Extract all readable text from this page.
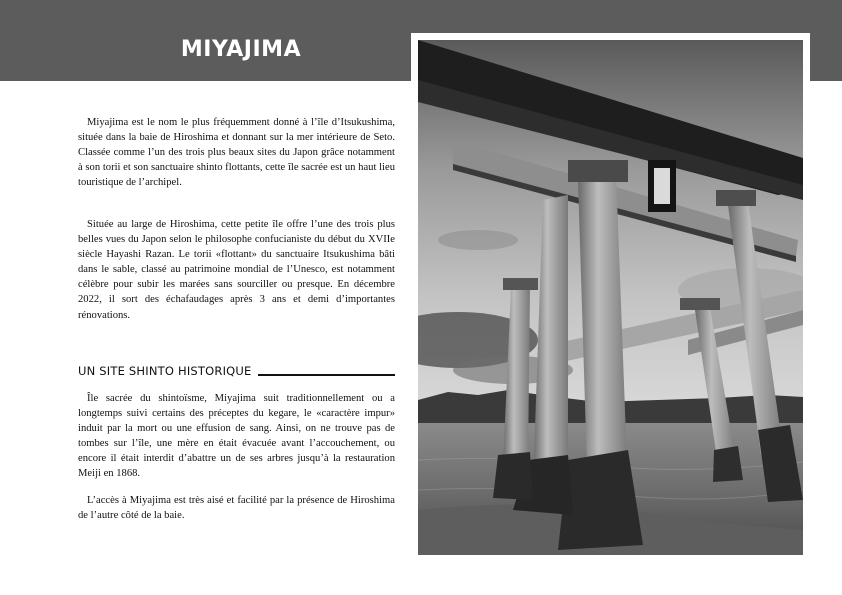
MIYAJIMA

Miyajima est le nom le plus fréquemment donné à l’île d’Itsukushima, située dans la baie de Hiroshima et donnant sur la mer intérieure de Seto. Classée comme l’un des trois plus beaux sites du Japon grâce notamment à son torii et son sanctuaire shinto flottants, cette île sacrée est un haut lieu touristique de l’archipel.

Située au large de Hiroshima, cette petite île offre l’une des trois plus belles vues du Japon selon le philosophe confucianiste du début du XVIIe siècle Hayashi Razan. Le torii «flottant» du sanctuaire Itsukushima bâti dans le sable, classé au patrimoine mondial de l’Unesco, est notamment célèbre pour subir les marées sans sourciller ou presque. En décembre 2022, il sort des échafaudages après 3 ans et demi d’importantes rénovations.

UN SITE SHINTO HISTORIQUE

Île sacrée du shintoïsme, Miyajima suit traditionnellement ou a longtemps suivi certains des préceptes du kegare, le «caractère impur» induit par la mort ou une effusion de sang. Ainsi, on ne trouve pas de tombes sur l’île, une mère en était évacuée avant l’accouchement, ou encore il était interdit d’abattre un de ses arbres jusqu’à la restauration Meiji en 1868.

L’accès à Miyajima est très aisé et facilité par la présence de Hiroshima de l’autre côté de la baie.
